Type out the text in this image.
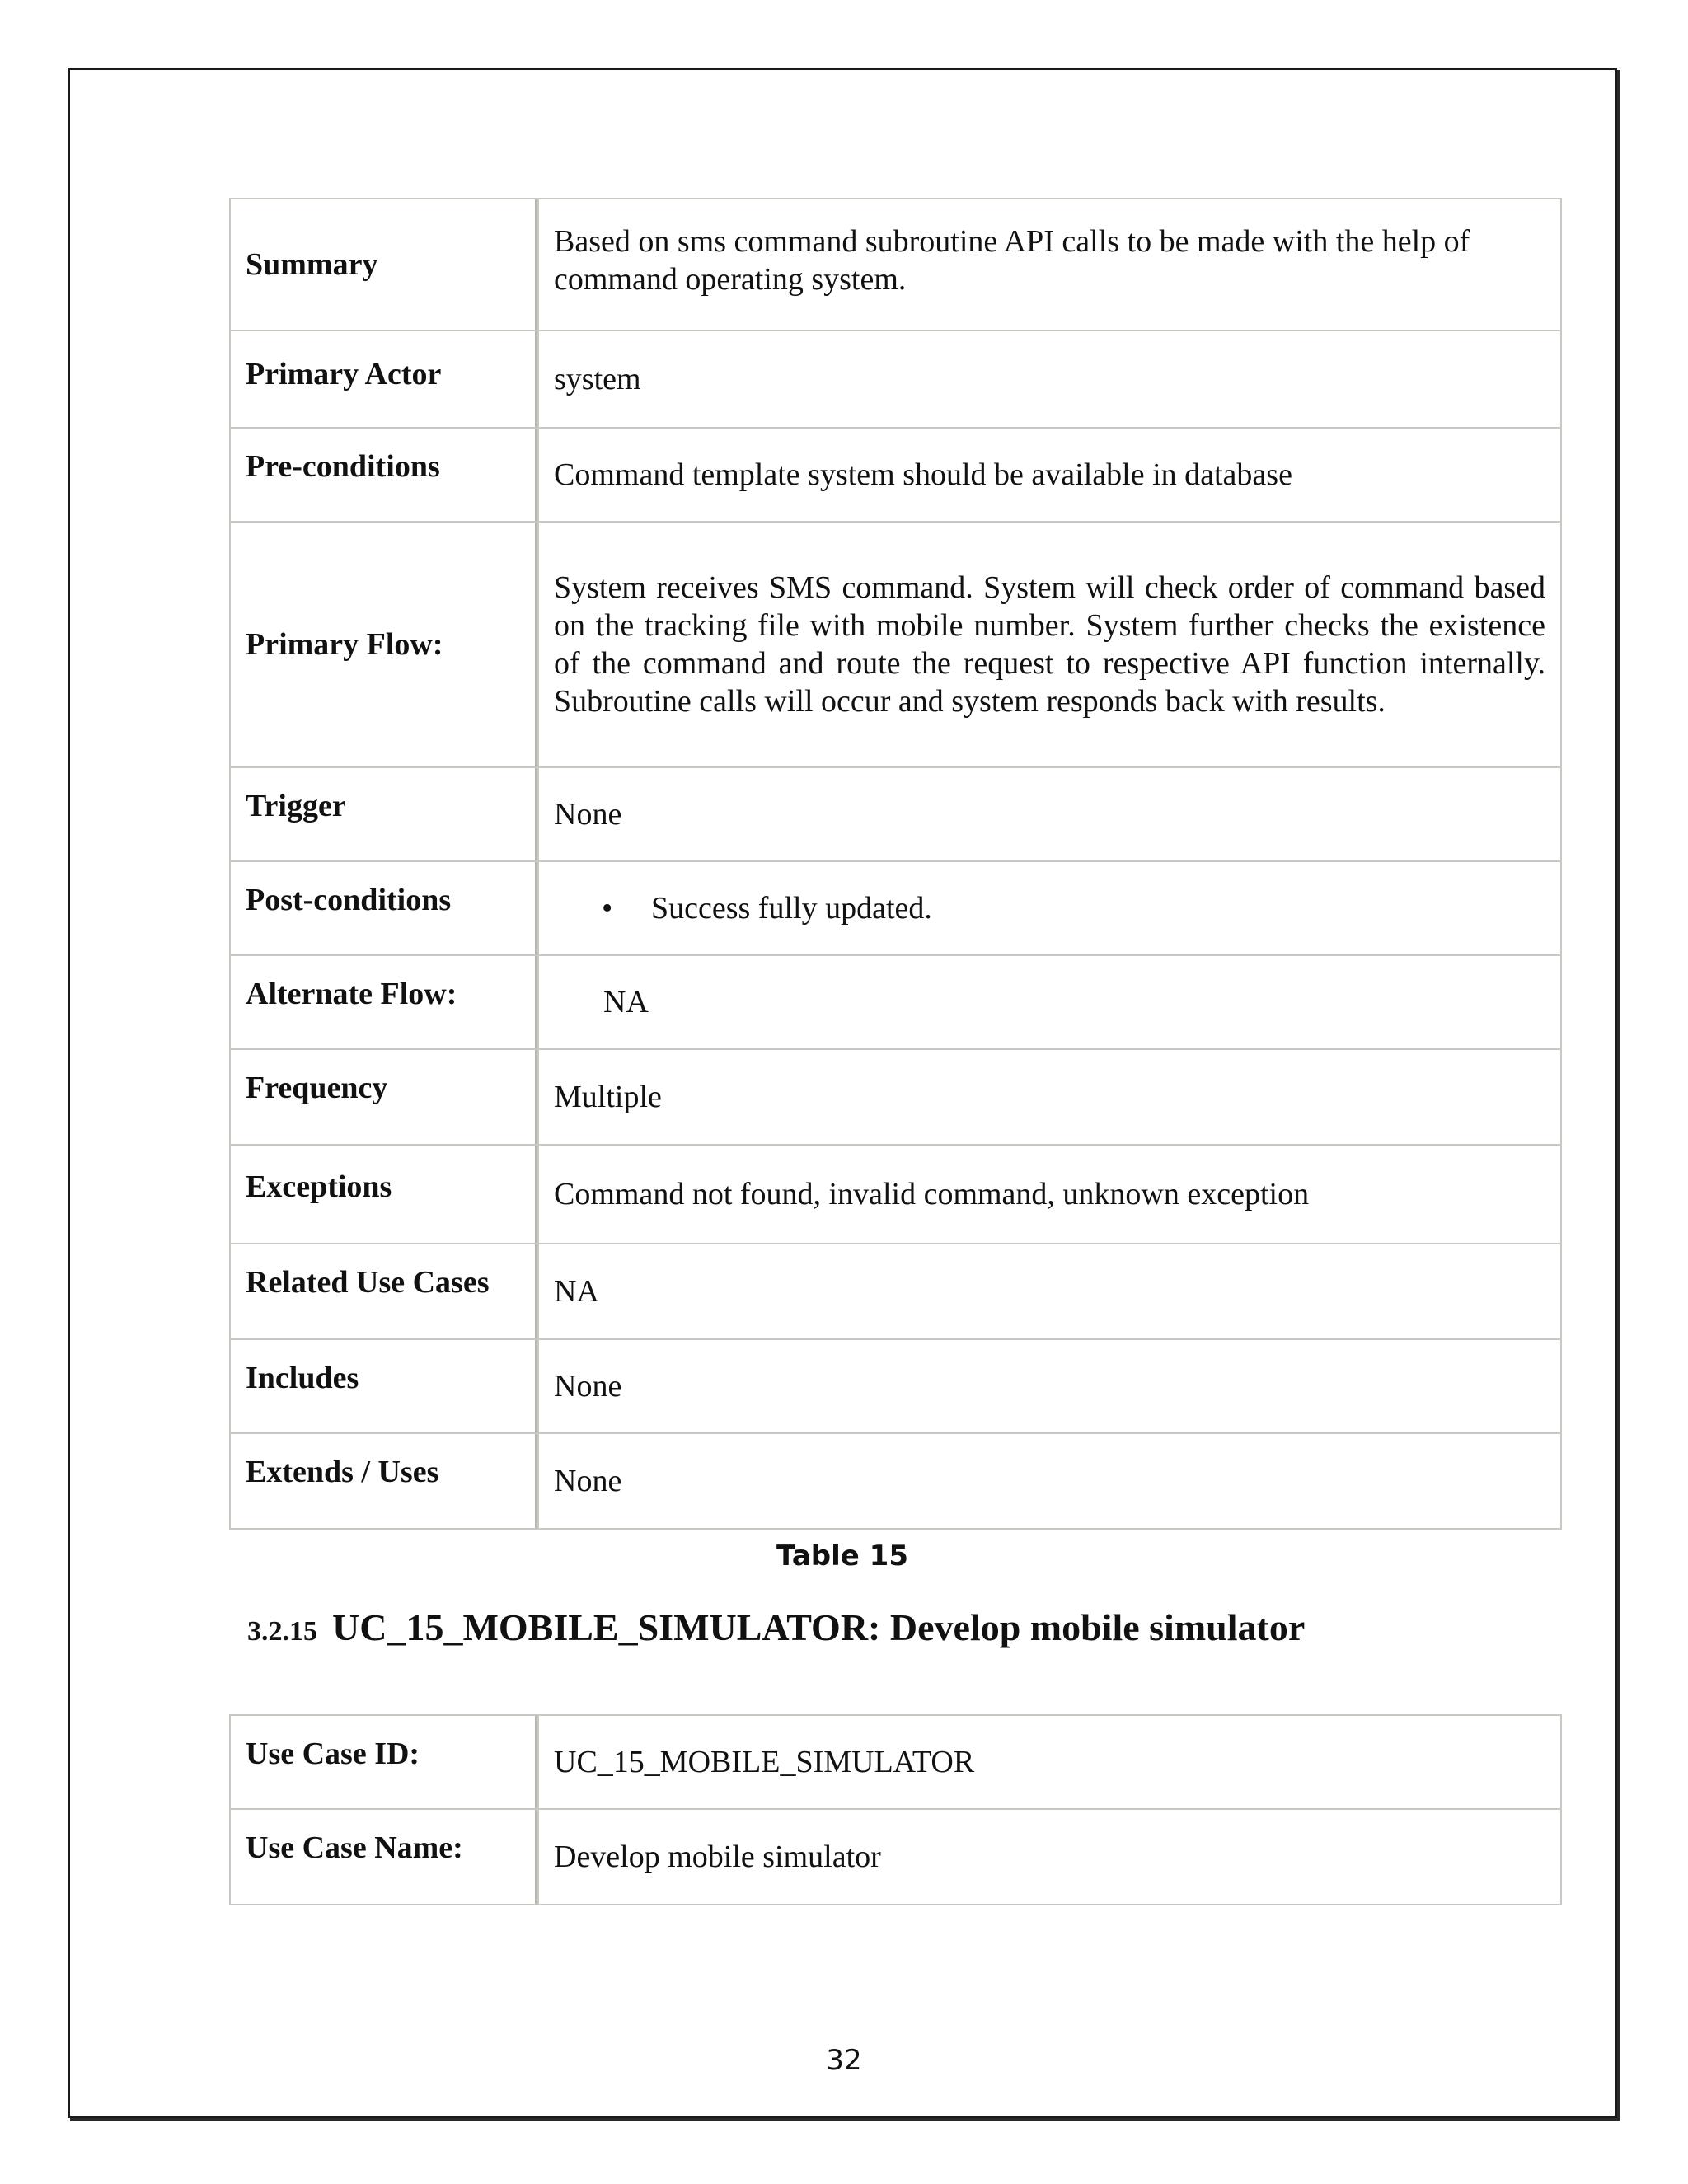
Summary	Based on sms command subroutine API calls to be made with the help of command operating system.

Primary Actor	system

Pre-conditions	Command template system should be available in database

Primary Flow:	System receives SMS command. System will check order of command based on the tracking file with mobile number. System further checks the existence of the command and route the request to respective API function internally. Subroutine calls will occur and system responds back with results.

Trigger	None

Post-conditions	• Success fully updated.

Alternate Flow:	NA

Frequency	Multiple

Exceptions	Command not found, invalid command, unknown exception

Related Use Cases	NA

Includes	None

Extends / Uses	None
Table 15
3.2.15 UC_15_MOBILE_SIMULATOR: Develop mobile simulator
Use Case ID:	UC_15_MOBILE_SIMULATOR

Use Case Name:	Develop mobile simulator
32
